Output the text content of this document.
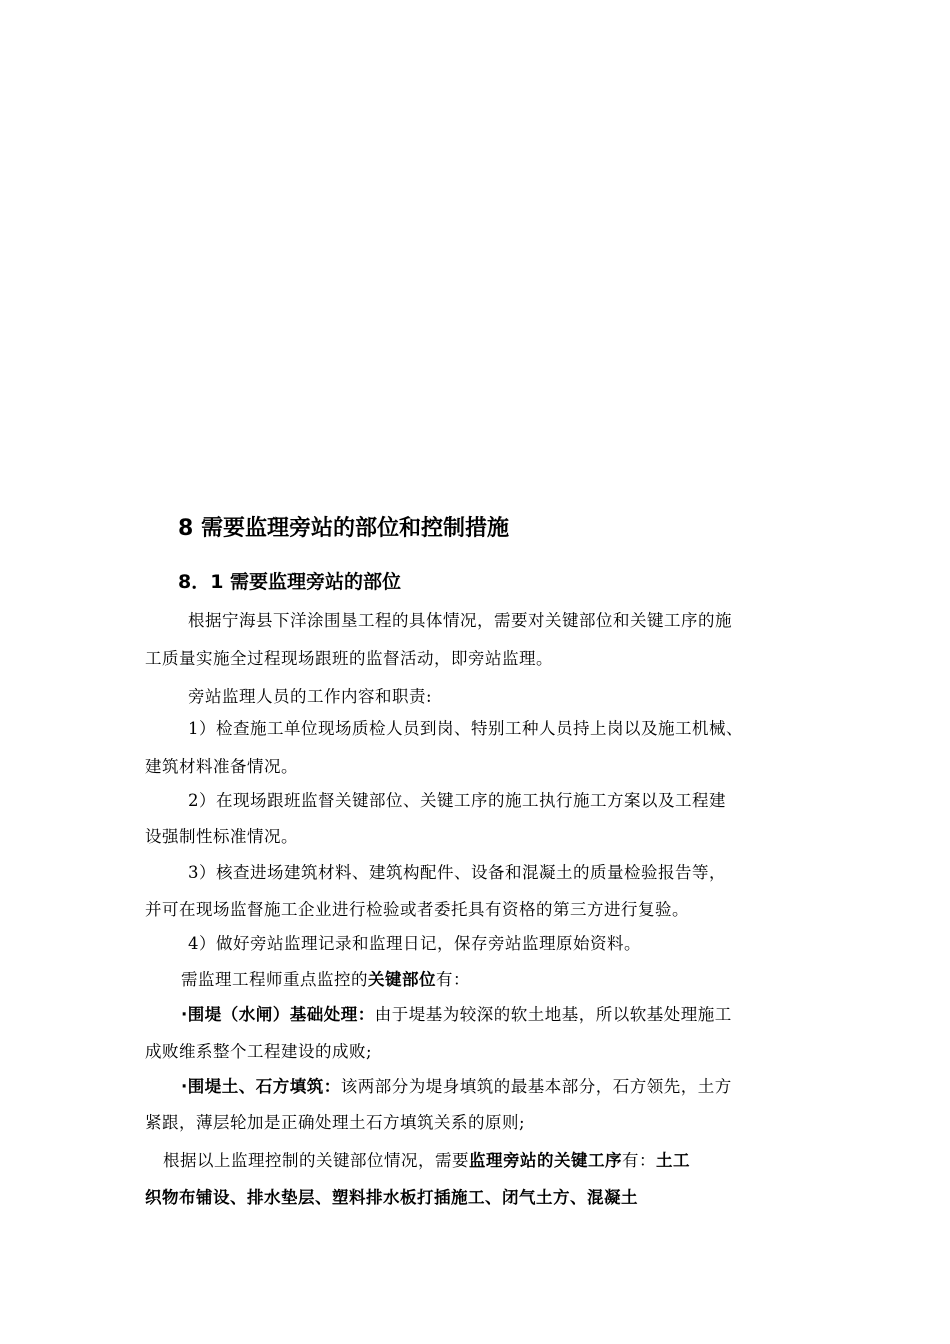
8 需要监理旁站的部位和控制措施
8．1 需要监理旁站的部位
根据宁海县下洋涂围垦工程的具体情况，需要对关键部位和关键工序的施
工质量实施全过程现场跟班的监督活动，即旁站监理。
旁站监理人员的工作内容和职责:
1）检查施工单位现场质检人员到岗、特别工种人员持上岗以及施工机械、
建筑材料准备情况。
2）在现场跟班监督关键部位、关键工序的施工执行施工方案以及工程建
设强制性标准情况。
3）核查进场建筑材料、建筑构配件、设备和混凝土的质量检验报告等，
并可在现场监督施工企业进行检验或者委托具有资格的第三方进行复验。
4）做好旁站监理记录和监理日记，保存旁站监理原始资料。
需监理工程师重点监控的关键部位有：
·围堤（水闸）基础处理：由于堤基为较深的软土地基，所以软基处理施工
成败维系整个工程建设的成败;
·围堤土、石方填筑：该两部分为堤身填筑的最基本部分，石方领先，土方
紧跟，薄层轮加是正确处理土石方填筑关系的原则;
根据以上监理控制的关键部位情况，需要监理旁站的关键工序有：土工
织物布铺设、排水垫层、塑料排水板打插施工、闭气土方、混凝土
